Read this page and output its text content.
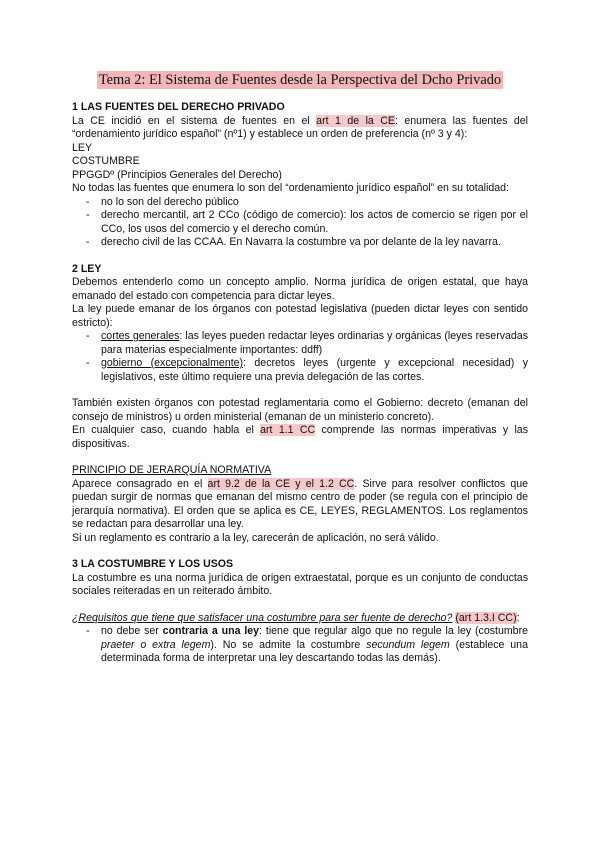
Tema 2: El Sistema de Fuentes desde la Perspectiva del Dcho Privado
1 LAS FUENTES DEL DERECHO PRIVADO

La CE incidió en el sistema de fuentes en el art 1 de la CE: enumera las fuentes del “ordenamiento jurídico español” (nº1) y establece un orden de preferencia (nº 3 y 4):

LEY

COSTUMBRE

PPGGDº (Principios Generales del Derecho)

No todas las fuentes que enumera lo son del “ordenamiento jurídico español” en su totalidad:

- no lo son del derecho público
- derecho mercantil, art 2 CCo (código de comercio): los actos de comercio se rigen por el CCo, los usos del comercio y el derecho común.
- derecho civil de las CCAA. En Navarra la costumbre va por delante de la ley navarra.
2 LEY

Debemos entenderlo como un concepto amplio. Norma jurídica de origen estatal, que haya emanado del estado con competencia para dictar leyes.

La ley puede emanar de los órganos con potestad legislativa (pueden dictar leyes con sentido estricto):

- cortes generales: las leyes pueden redactar leyes ordinarias y orgánicas (leyes reservadas para materias especialmente importantes: ddff)
- gobierno (excepcionalmente): decretos leyes (urgente y excepcional necesidad) y legislativos, este último requiere una previa delegación de las cortes.

También existen órganos con potestad reglamentaria como el Gobierno: decreto (emanan del consejo de ministros) u orden ministerial (emanan de un ministerio concreto).

En cualquier caso, cuando habla el art 1.1 CC comprende las normas imperativas y las dispositivas.

PRINCIPIO DE JERARQUÍA NORMATIVA

Aparece consagrado en el art 9.2 de la CE y el 1.2 CC. Sirve para resolver conflictos que puedan surgir de normas que emanan del mismo centro de poder (se regula con el principio de jerarquía normativa). El orden que se aplica es CE, LEYES, REGLAMENTOS. Los reglamentos se redactan para desarrollar una ley.

Si un reglamento es contrario a la ley, carecerán de aplicación, no será válido.

3 LA COSTUMBRE Y LOS USOS

La costumbre es una norma jurídica de origen extraestatal, porque es un conjunto de conductas sociales reiteradas en un reiterado ámbito.

¿Requisitos que tiene que satisfacer una costumbre para ser fuente de derecho? (art 1.3.I CC):

- no debe ser contraria a una ley: tiene que regular algo que no regule la ley (costumbre praeter o extra legem). No se admite la costumbre secundum legem (establece una determinada forma de interpretar una ley descartando todas las demás).
